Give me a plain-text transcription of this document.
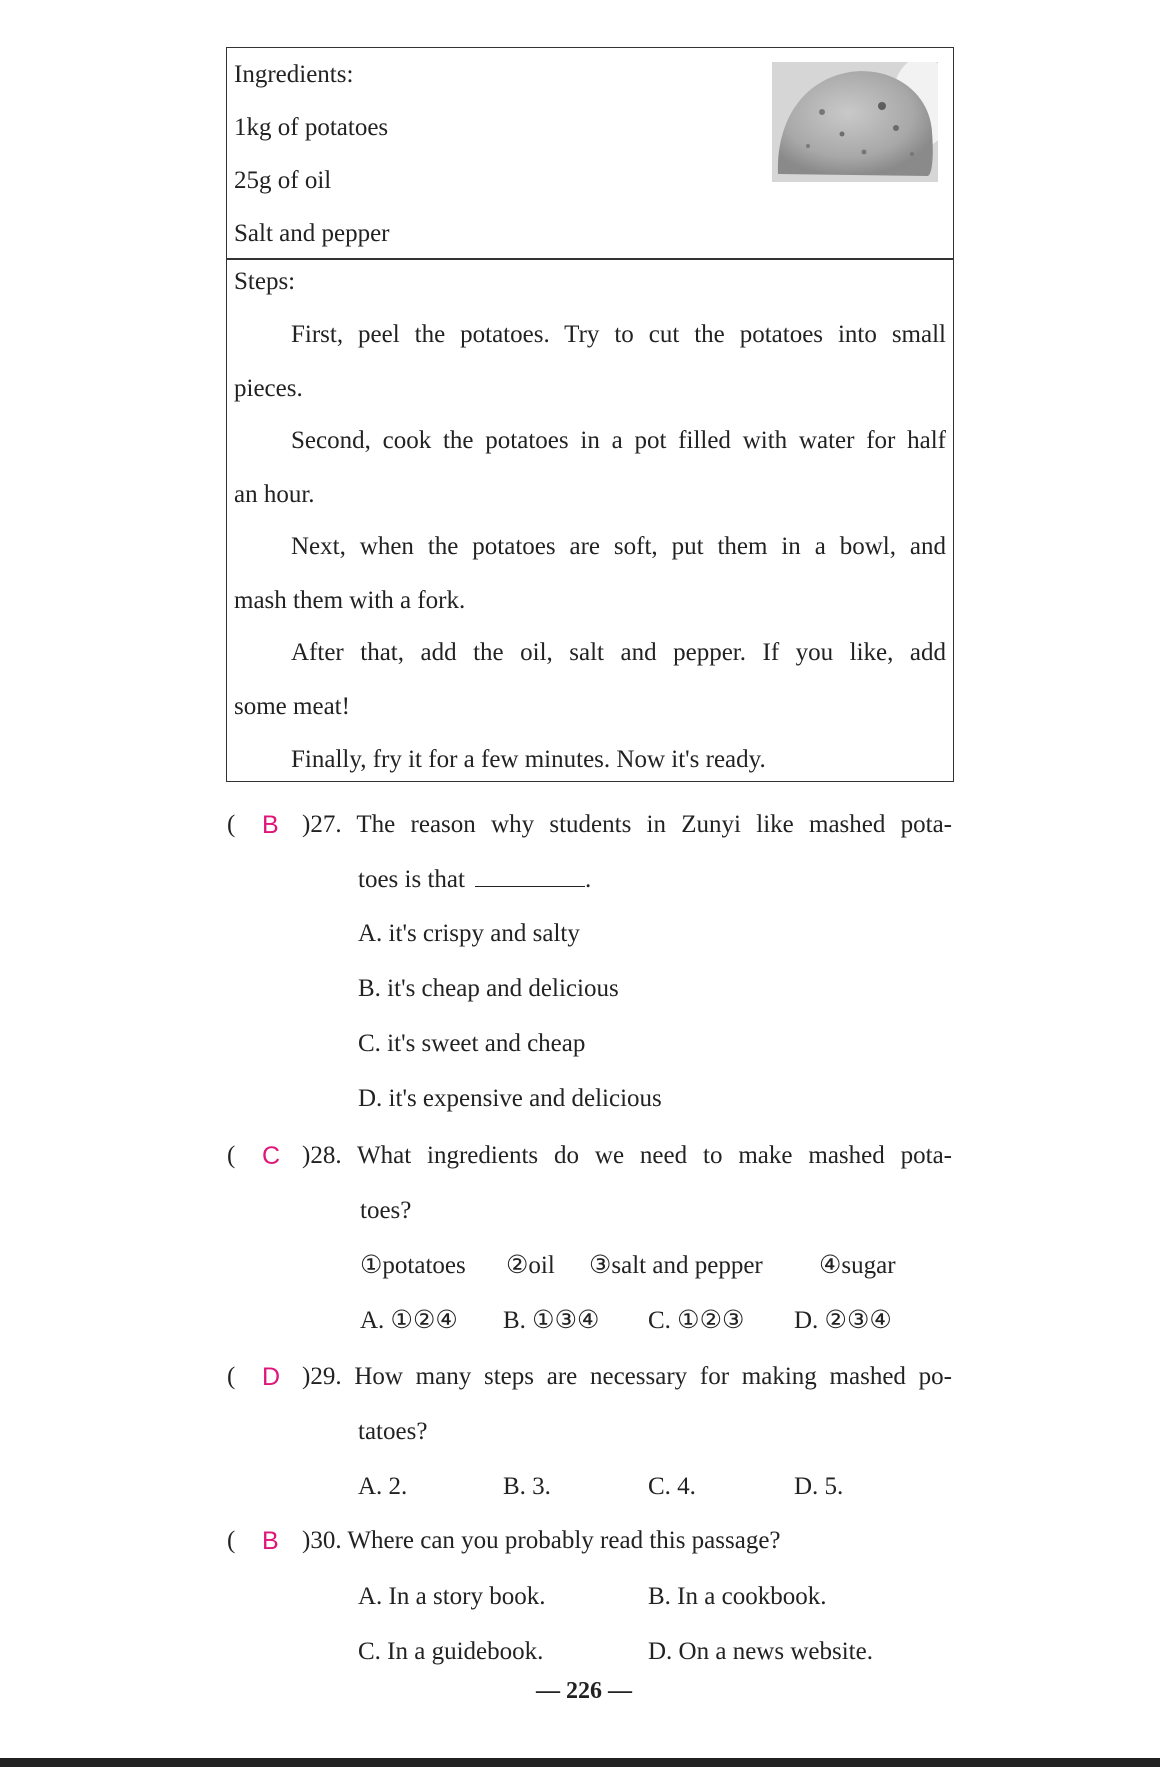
Ingredients:
1kg of potatoes
25g of oil
Salt and pepper
Steps:
First, peel the potatoes. Try to cut the potatoes into small
pieces.
Second, cook the potatoes in a pot filled with water for half
an hour.
Next, when the potatoes are soft, put them in a bowl, and
mash them with a fork.
After that, add the oil, salt and pepper. If you like, add
some meat!
Finally, fry it for a few minutes. Now it's ready.
( B )27. The reason why students in Zunyi like mashed pota-
toes is that	.
A. it's crispy and salty
B. it's cheap and delicious
C. it's sweet and cheap
D. it's expensive and delicious
( C )28. What ingredients do we need to make mashed pota-
toes?
①potatoes ②oil ③salt and pepper ④sugar
A. ①②④ B. ①③④ C. ①②③ D. ②③④
( D )29. How many steps are necessary for making mashed po-
tatoes?
A. 2.	B. 3.	C. 4.	D. 5.
( B )30. Where can you probably read this passage?
A. In a story book.	B. In a cookbook.
C. In a guidebook.	D. On a news website.
— 226 —
